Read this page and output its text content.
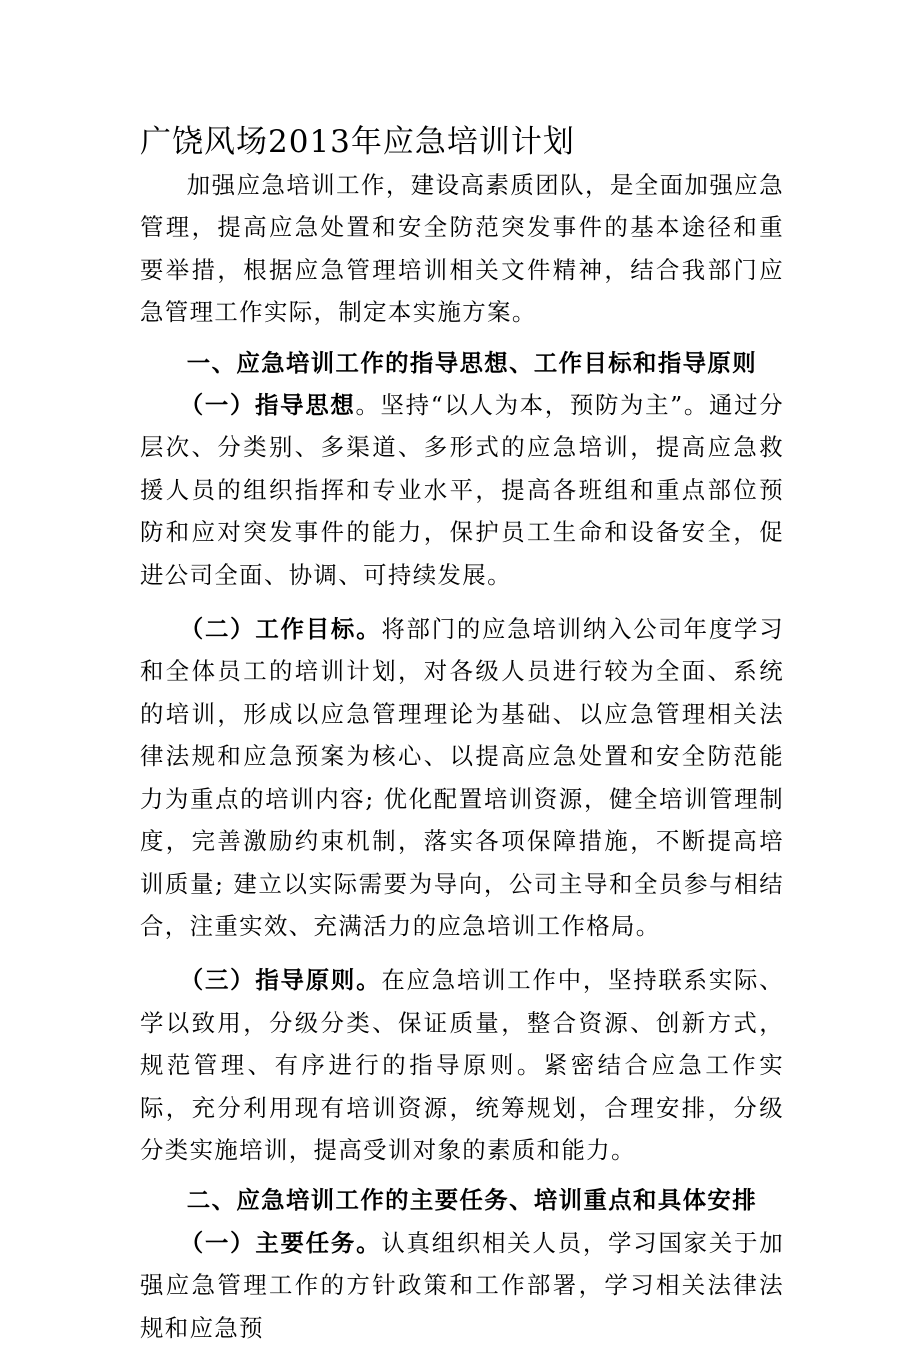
广饶风场2013年应急培训计划

加强应急培训工作，建设高素质团队，是全面加强应急管理，提高应急处置和安全防范突发事件的基本途径和重要举措，根据应急管理培训相关文件精神，结合我部门应急管理工作实际，制定本实施方案。

一、应急培训工作的指导思想、工作目标和指导原则

（一）指导思想。坚持“以人为本，预防为主”。通过分层次、分类别、多渠道、多形式的应急培训，提高应急救援人员的组织指挥和专业水平，提高各班组和重点部位预防和应对突发事件的能力，保护员工生命和设备安全，促进公司全面、协调、可持续发展。

（二）工作目标。将部门的应急培训纳入公司年度学习和全体员工的培训计划，对各级人员进行较为全面、系统的培训，形成以应急管理理论为基础、以应急管理相关法律法规和应急预案为核心、以提高应急处置和安全防范能力为重点的培训内容; 优化配置培训资源，健全培训管理制度，完善激励约束机制，落实各项保障措施，不断提高培训质量; 建立以实际需要为导向，公司主导和全员参与相结合，注重实效、充满活力的应急培训工作格局。

（三）指导原则。在应急培训工作中，坚持联系实际、学以致用，分级分类、保证质量，整合资源、创新方式，规范管理、有序进行的指导原则。紧密结合应急工作实际，充分利用现有培训资源，统筹规划，合理安排，分级分类实施培训，提高受训对象的素质和能力。

二、应急培训工作的主要任务、培训重点和具体安排

（一）主要任务。认真组织相关人员，学习国家关于加强应急管理工作的方针政策和工作部署，学习相关法律法规和应急预
